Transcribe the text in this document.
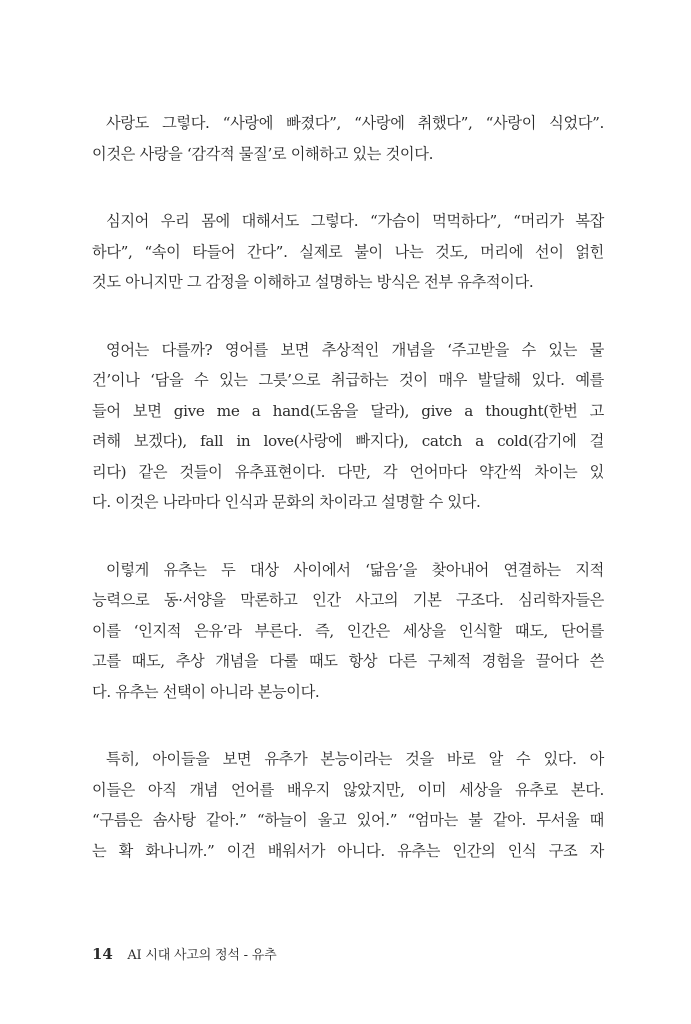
사랑도 그렇다. “사랑에 빠졌다”, “사랑에 취했다”, “사랑이 식었다”.
이것은 사랑을 ‘감각적 물질’로 이해하고 있는 것이다.

심지어 우리 몸에 대해서도 그렇다. “가슴이 먹먹하다”, “머리가 복잡
하다”, “속이 타들어 간다”. 실제로 불이 나는 것도, 머리에 선이 얽힌
것도 아니지만 그 감정을 이해하고 설명하는 방식은 전부 유추적이다.

영어는 다를까? 영어를 보면 추상적인 개념을 ‘주고받을 수 있는 물
건’이나 ‘담을 수 있는 그릇’으로 취급하는 것이 매우 발달해 있다. 예를
들어 보면 give me a hand(도움을 달라), give a thought(한번 고
려해 보겠다), fall in love(사랑에 빠지다), catch a cold(감기에 걸
리다) 같은 것들이 유추표현이다. 다만, 각 언어마다 약간씩 차이는 있
다. 이것은 나라마다 인식과 문화의 차이라고 설명할 수 있다.

이렇게 유추는 두 대상 사이에서 ‘닮음’을 찾아내어 연결하는 지적
능력으로 동·서양을 막론하고 인간 사고의 기본 구조다. 심리학자들은
이를 ‘인지적 은유’라 부른다. 즉, 인간은 세상을 인식할 때도, 단어를
고를 때도, 추상 개념을 다룰 때도 항상 다른 구체적 경험을 끌어다 쓴
다. 유추는 선택이 아니라 본능이다.

특히, 아이들을 보면 유추가 본능이라는 것을 바로 알 수 있다. 아
이들은 아직 개념 언어를 배우지 않았지만, 이미 세상을 유추로 본다.
“구름은 솜사탕 같아.” “하늘이 울고 있어.” “엄마는 불 같아. 무서울 때
는 확 화나니까.” 이건 배워서가 아니다. 유추는 인간의 인식 구조 자

14 AI 시대 사고의 정석 - 유추
